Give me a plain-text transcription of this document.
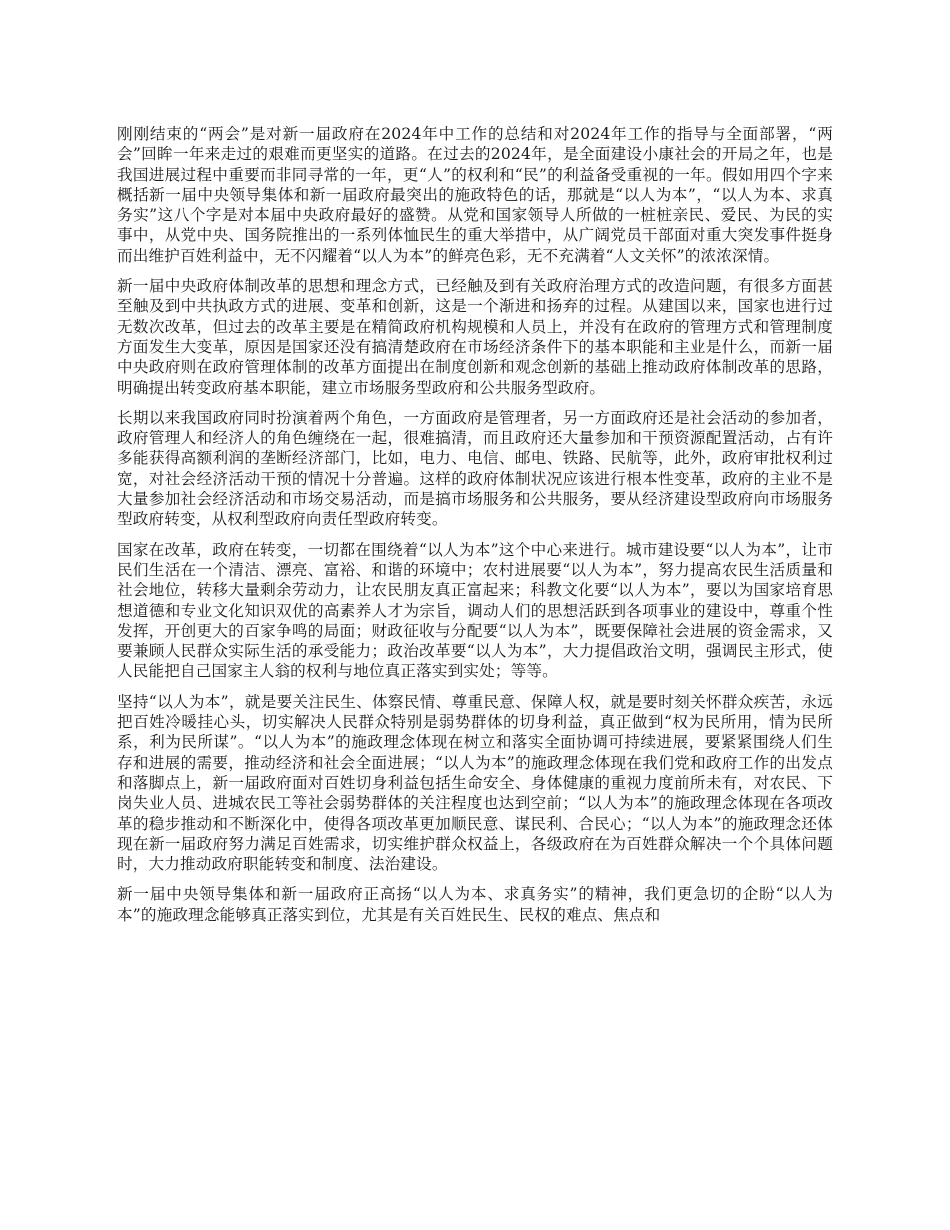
刚刚结束的“两会”是对新一届政府在2024年中工作的总结和对2024年工作的指导与全面部署，“两会”回眸一年来走过的艰难而更坚实的道路。在过去的2024年，是全面建设小康社会的开局之年，也是我国进展过程中重要而非同寻常的一年，更“人”的权利和“民”的利益备受重视的一年。假如用四个字来概括新一届中央领导集体和新一届政府最突出的施政特色的话，那就是“以人为本”，“以人为本、求真务实”这八个字是对本届中央政府最好的盛赞。从党和国家领导人所做的一桩桩亲民、爱民、为民的实事中，从党中央、国务院推出的一系列体恤民生的重大举措中，从广阔党员干部面对重大突发事件挺身而出维护百姓利益中，无不闪耀着“以人为本”的鲜亮色彩，无不充满着“人文关怀”的浓浓深情。

新一届中央政府体制改革的思想和理念方式，已经触及到有关政府治理方式的改造问题，有很多方面甚至触及到中共执政方式的进展、变革和创新，这是一个渐进和扬弃的过程。从建国以来，国家也进行过无数次改革，但过去的改革主要是在精简政府机构规模和人员上，并没有在政府的管理方式和管理制度方面发生大变革，原因是国家还没有搞清楚政府在市场经济条件下的基本职能和主业是什么，而新一届中央政府则在政府管理体制的改革方面提出在制度创新和观念创新的基础上推动政府体制改革的思路，明确提出转变政府基本职能，建立市场服务型政府和公共服务型政府。

长期以来我国政府同时扮演着两个角色，一方面政府是管理者，另一方面政府还是社会活动的参加者，政府管理人和经济人的角色缠绕在一起，很难搞清，而且政府还大量参加和干预资源配置活动，占有许多能获得高额利润的垄断经济部门，比如，电力、电信、邮电、铁路、民航等，此外，政府审批权利过宽，对社会经济活动干预的情况十分普遍。这样的政府体制状况应该进行根本性变革，政府的主业不是大量参加社会经济活动和市场交易活动，而是搞市场服务和公共服务，要从经济建设型政府向市场服务型政府转变，从权利型政府向责任型政府转变。

国家在改革，政府在转变，一切都在围绕着“以人为本”这个中心来进行。城市建设要“以人为本”，让市民们生活在一个清洁、漂亮、富裕、和谐的环境中；农村进展要“以人为本”，努力提高农民生活质量和社会地位，转移大量剩余劳动力，让农民朋友真正富起来；科教文化要“以人为本”，要以为国家培育思想道德和专业文化知识双优的高素养人才为宗旨，调动人们的思想活跃到各项事业的建设中，尊重个性发挥，开创更大的百家争鸣的局面；财政征收与分配要“以人为本”，既要保障社会进展的资金需求，又要兼顾人民群众实际生活的承受能力；政治改革要“以人为本”，大力提倡政治文明，强调民主形式，使人民能把自己国家主人翁的权利与地位真正落实到实处；等等。

坚持“以人为本”，就是要关注民生、体察民情、尊重民意、保障人权，就是要时刻关怀群众疾苦，永远把百姓冷暖挂心头，切实解决人民群众特别是弱势群体的切身利益，真正做到“权为民所用，情为民所系，利为民所谋”。“以人为本”的施政理念体现在树立和落实全面协调可持续进展，要紧紧围绕人们生存和进展的需要，推动经济和社会全面进展；“以人为本”的施政理念体现在我们党和政府工作的出发点和落脚点上，新一届政府面对百姓切身利益包括生命安全、身体健康的重视力度前所未有，对农民、下岗失业人员、进城农民工等社会弱势群体的关注程度也达到空前；“以人为本”的施政理念体现在各项改革的稳步推动和不断深化中，使得各项改革更加顺民意、谋民利、合民心；“以人为本”的施政理念还体现在新一届政府努力满足百姓需求，切实维护群众权益上，各级政府在为百姓群众解决一个个具体问题时，大力推动政府职能转变和制度、法治建设。

新一届中央领导集体和新一届政府正高扬“以人为本、求真务实”的精神，我们更急切的企盼“以人为本”的施政理念能够真正落实到位，尤其是有关百姓民生、民权的难点、焦点和
